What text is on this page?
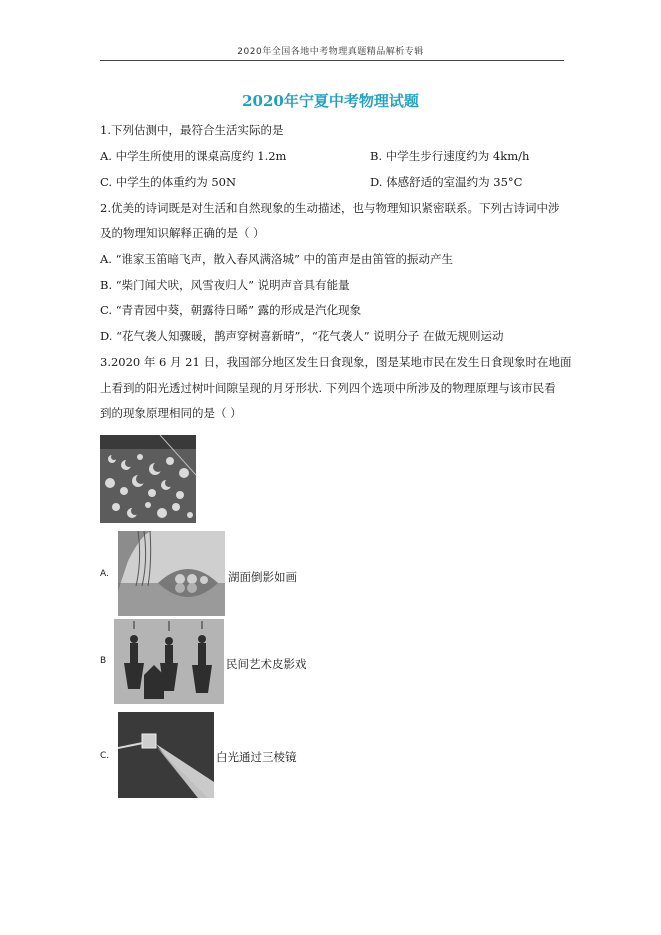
2020年全国各地中考物理真题精品解析专辑
2020年宁夏中考物理试题
1.下列估测中，最符合生活实际的是
A. 中学生所使用的课桌高度约 1.2m	B. 中学生步行速度约为 4km/h
C. 中学生的体重约为 50N	D. 体感舒适的室温约为 35°C
2.优美的诗词既是对生活和自然现象的生动描述，也与物理知识紧密联系。下列古诗词中涉
及的物理知识解释正确的是（ ）
A. “谁家玉笛暗飞声，散入春风满洛城” 中的笛声是由笛管的振动产生
B. “柴门闻犬吠，风雪夜归人” 说明声音具有能量
C. “青青园中葵，朝露待日晞” 露的形成是汽化现象
D. “花气袭人知骤暖，鹊声穿树喜新晴”，“花气袭人” 说明分子 在做无规则运动
3.2020 年 6 月 21 日，我国部分地区发生日食现象，图是某地市民在发生日食现象时在地面
上看到的阳光透过树叶间隙呈现的月牙形状. 下列四个选项中所涉及的物理原理与该市民看
到的现象原理相同的是（ ）
A.	湖面倒影如画
B	民间艺术皮影戏
C.	白光通过三棱镜
